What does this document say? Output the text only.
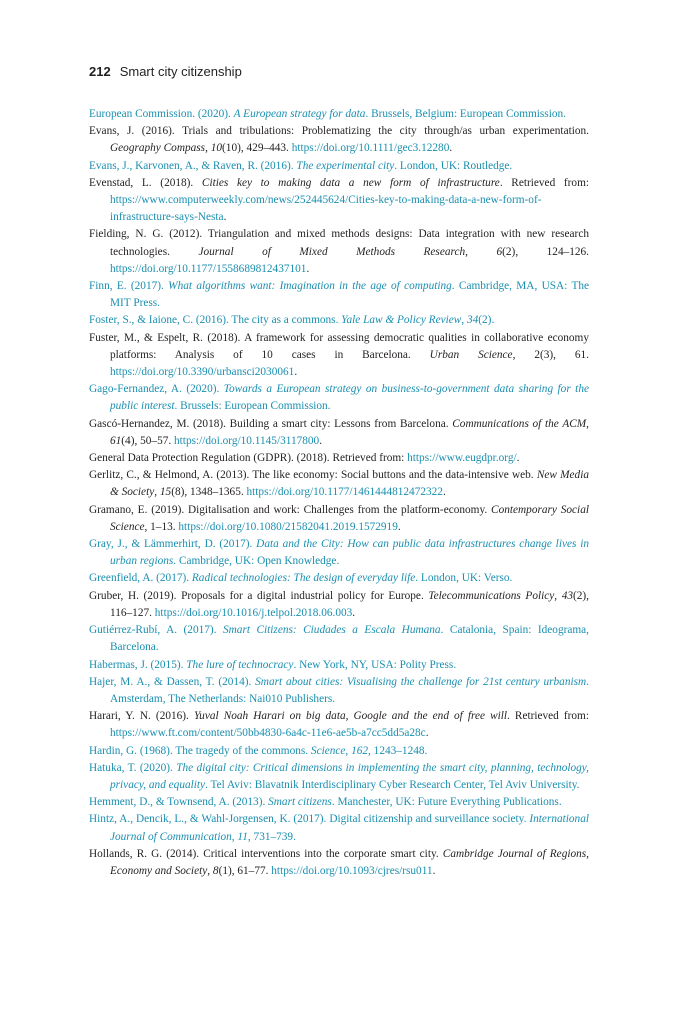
212 Smart city citizenship

European Commission. (2020). A European strategy for data. Brussels, Belgium: European Commission.

Evans, J. (2016). Trials and tribulations: Problematizing the city through/as urban experimentation. Geography Compass, 10(10), 429–443. https://doi.org/10.1111/gec3.12280.

Evans, J., Karvonen, A., & Raven, R. (2016). The experimental city. London, UK: Routledge.

Evenstad, L. (2018). Cities key to making data a new form of infrastructure. Retrieved from: https://www.computerweekly.com/news/252445624/Cities-key-to-making-data-a-new-form-of-infrastructure-says-Nesta.

Fielding, N. G. (2012). Triangulation and mixed methods designs: Data integration with new research technologies. Journal of Mixed Methods Research, 6(2), 124–126. https://doi.org/10.1177/1558689812437101.

Finn, E. (2017). What algorithms want: Imagination in the age of computing. Cambridge, MA, USA: The MIT Press.

Foster, S., & Iaione, C. (2016). The city as a commons. Yale Law & Policy Review, 34(2).

Fuster, M., & Espelt, R. (2018). A framework for assessing democratic qualities in collaborative economy platforms: Analysis of 10 cases in Barcelona. Urban Science, 2(3), 61. https://doi.org/10.3390/urbansci2030061.

Gago-Fernandez, A. (2020). Towards a European strategy on business-to-government data sharing for the public interest. Brussels: European Commission.

Gascó-Hernandez, M. (2018). Building a smart city: Lessons from Barcelona. Communications of the ACM, 61(4), 50–57. https://doi.org/10.1145/3117800.

General Data Protection Regulation (GDPR). (2018). Retrieved from: https://www.eugdpr.org/.

Gerlitz, C., & Helmond, A. (2013). The like economy: Social buttons and the data-intensive web. New Media & Society, 15(8), 1348–1365. https://doi.org/10.1177/1461444812472322.

Gramano, E. (2019). Digitalisation and work: Challenges from the platform-economy. Contemporary Social Science, 1–13. https://doi.org/10.1080/21582041.2019.1572919.

Gray, J., & Lämmerhirt, D. (2017). Data and the City: How can public data infrastructures change lives in urban regions. Cambridge, UK: Open Knowledge.

Greenfield, A. (2017). Radical technologies: The design of everyday life. London, UK: Verso.

Gruber, H. (2019). Proposals for a digital industrial policy for Europe. Telecommunications Policy, 43(2), 116–127. https://doi.org/10.1016/j.telpol.2018.06.003.

Gutiérrez-Rubí, A. (2017). Smart Citizens: Ciudades a Escala Humana. Catalonia, Spain: Ideograma, Barcelona.

Habermas, J. (2015). The lure of technocracy. New York, NY, USA: Polity Press.

Hajer, M. A., & Dassen, T. (2014). Smart about cities: Visualising the challenge for 21st century urbanism. Amsterdam, The Netherlands: Nai010 Publishers.

Harari, Y. N. (2016). Yuval Noah Harari on big data, Google and the end of free will. Retrieved from: https://www.ft.com/content/50bb4830-6a4c-11e6-ae5b-a7cc5dd5a28c.

Hardin, G. (1968). The tragedy of the commons. Science, 162, 1243–1248.

Hatuka, T. (2020). The digital city: Critical dimensions in implementing the smart city, planning, technology, privacy, and equality. Tel Aviv: Blavatnik Interdisciplinary Cyber Research Center, Tel Aviv University.

Hemment, D., & Townsend, A. (2013). Smart citizens. Manchester, UK: Future Everything Publications.

Hintz, A., Dencik, L., & Wahl-Jorgensen, K. (2017). Digital citizenship and surveillance society. International Journal of Communication, 11, 731–739.

Hollands, R. G. (2014). Critical interventions into the corporate smart city. Cambridge Journal of Regions, Economy and Society, 8(1), 61–77. https://doi.org/10.1093/cjres/rsu011.
